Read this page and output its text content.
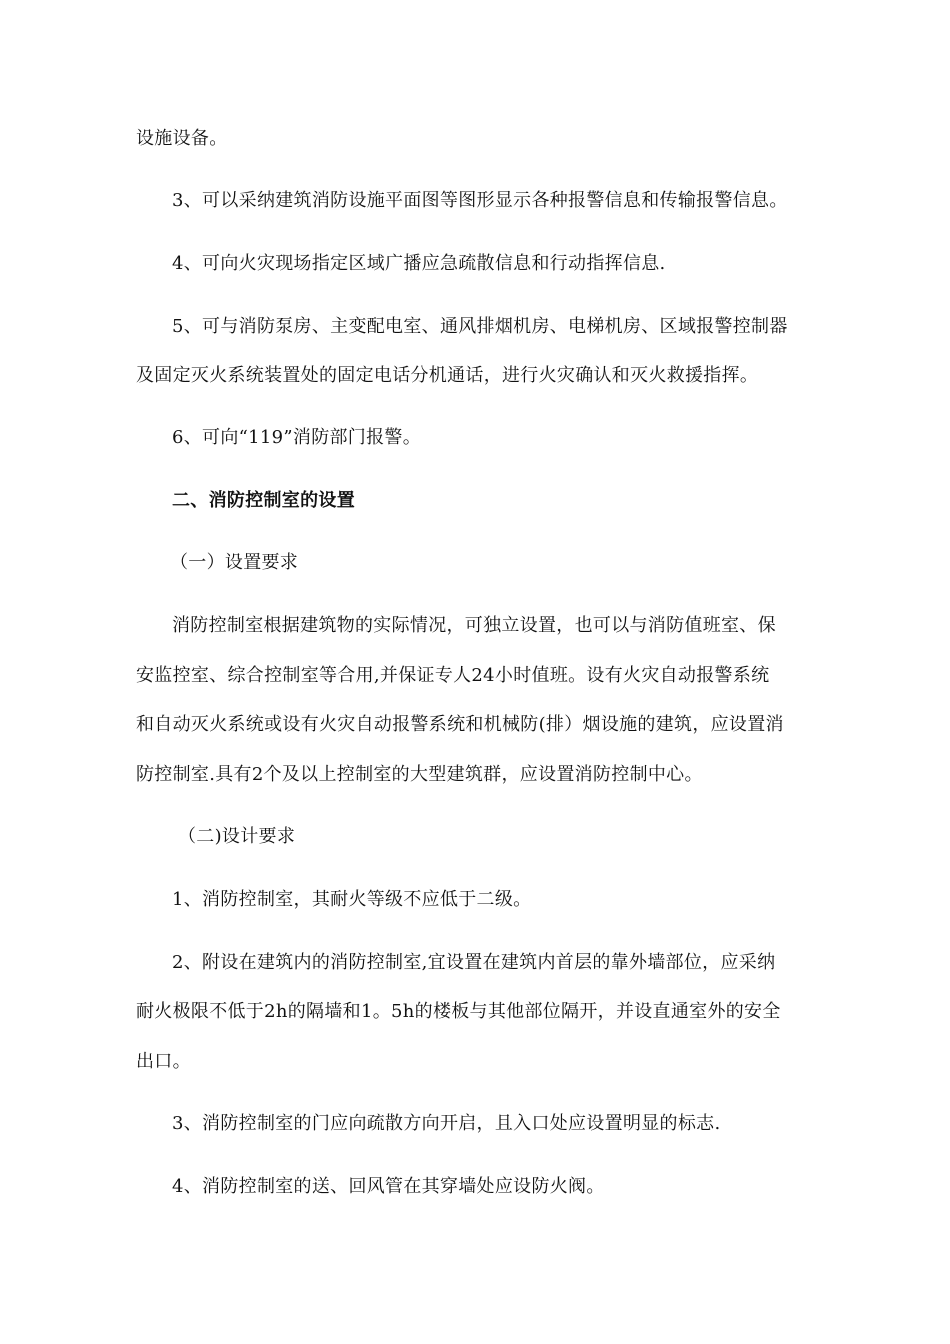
设施设备。
3、可以采纳建筑消防设施平面图等图形显示各种报警信息和传输报警信息。
4、可向火灾现场指定区域广播应急疏散信息和行动指挥信息.
5、可与消防泵房、主变配电室、通风排烟机房、电梯机房、区域报警控制器
及固定灭火系统装置处的固定电话分机通话，进行火灾确认和灭火救援指挥。
6、可向“119”消防部门报警。
二、消防控制室的设置
（一）设置要求
消防控制室根据建筑物的实际情况，可独立设置，也可以与消防值班室、保
安监控室、综合控制室等合用,并保证专人24小时值班。设有火灾自动报警系统
和自动灭火系统或设有火灾自动报警系统和机械防(排）烟设施的建筑，应设置消
防控制室.具有2个及以上控制室的大型建筑群，应设置消防控制中心。
（二)设计要求
1、消防控制室，其耐火等级不应低于二级。
2、附设在建筑内的消防控制室,宜设置在建筑内首层的靠外墙部位，应采纳
耐火极限不低于2h的隔墙和1。5h的楼板与其他部位隔开，并设直通室外的安全
出口。
3、消防控制室的门应向疏散方向开启，且入口处应设置明显的标志.
4、消防控制室的送、回风管在其穿墙处应设防火阀。
